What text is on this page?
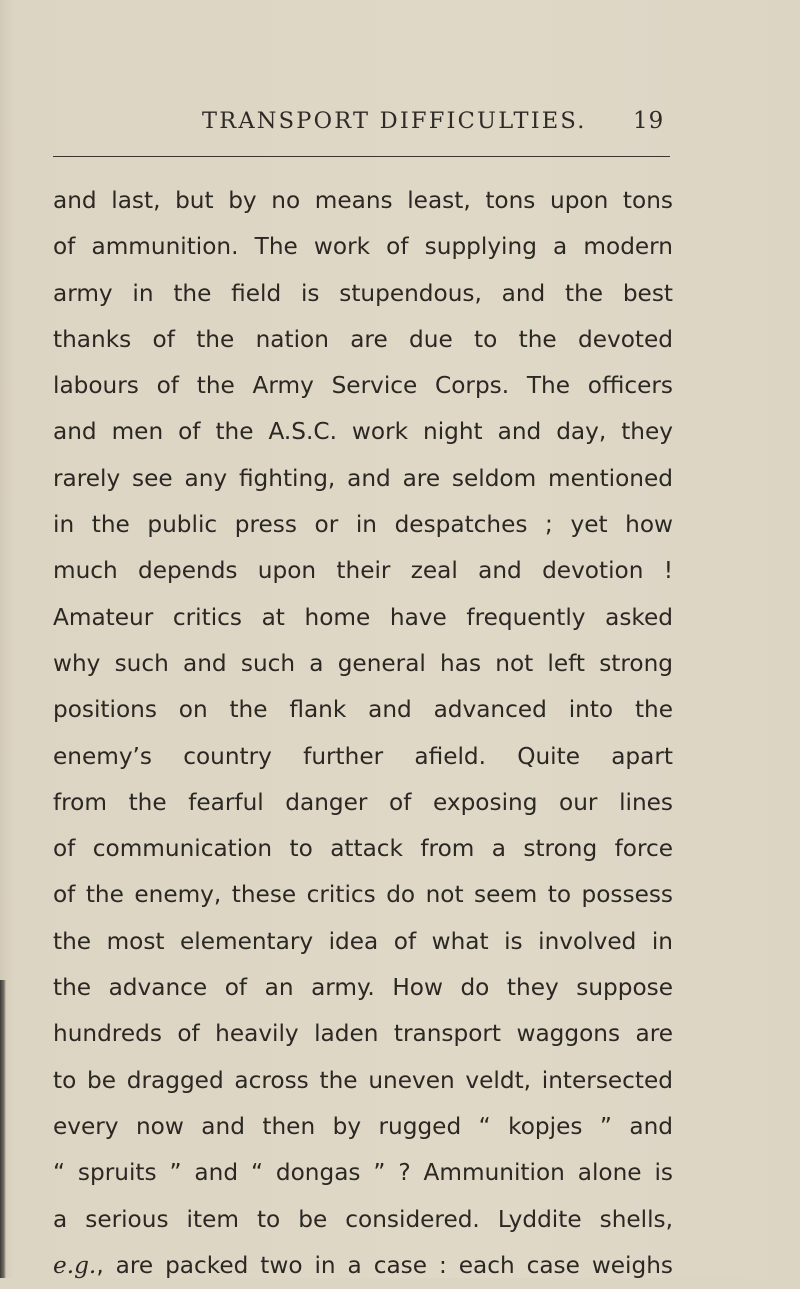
TRANSPORT DIFFICULTIES. 19
and last, but by no means least, tons upon tons
of ammunition. The work of supplying a modern
army in the field is stupendous, and the best
thanks of the nation are due to the devoted
labours of the Army Service Corps. The officers
and men of the A.S.C. work night and day, they
rarely see any fighting, and are seldom mentioned
in the public press or in despatches ; yet how
much depends upon their zeal and devotion !
Amateur critics at home have frequently asked
why such and such a general has not left strong
positions on the flank and advanced into the
enemy’s country further afield. Quite apart
from the fearful danger of exposing our lines
of communication to attack from a strong force
of the enemy, these critics do not seem to possess
the most elementary idea of what is involved in
the advance of an army. How do they suppose
hundreds of heavily laden transport waggons are
to be dragged across the uneven veldt, intersected
every now and then by rugged “ kopjes ” and
“ spruits ” and “ dongas ” ? Ammunition alone is
a serious item to be considered. Lyddite shells,
e.g., are packed two in a case : each case weighs
